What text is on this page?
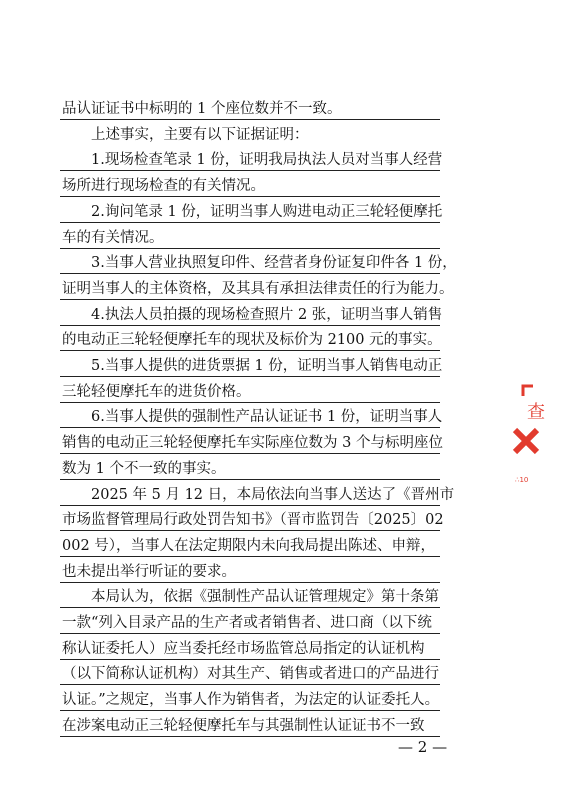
品认证证书中标明的 1 个座位数并不一致。
　　上述事实，主要有以下证据证明：
　　1.现场检查笔录 1 份，证明我局执法人员对当事人经营
场所进行现场检查的有关情况。
　　2.询问笔录 1 份，证明当事人购进电动正三轮轻便摩托
车的有关情况。
　　3.当事人营业执照复印件、经营者身份证复印件各 1 份，
证明当事人的主体资格，及其具有承担法律责任的行为能力。
　　4.执法人员拍摄的现场检查照片 2 张，证明当事人销售
的电动正三轮轻便摩托车的现状及标价为 2100 元的事实。
　　5.当事人提供的进货票据 1 份，证明当事人销售电动正
三轮轻便摩托车的进货价格。
　　6.当事人提供的强制性产品认证证书 1 份，证明当事人
销售的电动正三轮轻便摩托车实际座位数为 3 个与标明座位
数为 1 个不一致的事实。
　　2025 年 5 月 12 日，本局依法向当事人送达了《晋州市
市场监督管理局行政处罚告知书》（晋市监罚告〔2025〕02
002 号），当事人在法定期限内未向我局提出陈述、申辩，
也未提出举行听证的要求。
　　本局认为，依据《强制性产品认证管理规定》第十条第
一款“列入目录产品的生产者或者销售者、进口商（以下统
称认证委托人）应当委托经市场监管总局指定的认证机构
（以下简称认证机构）对其生产、销售或者进口的产品进行
认证。”之规定，当事人作为销售者，为法定的认证委托人。
在涉案电动正三轮轻便摩托车与其强制性认证证书不一致
— 2 —
查
∴10
